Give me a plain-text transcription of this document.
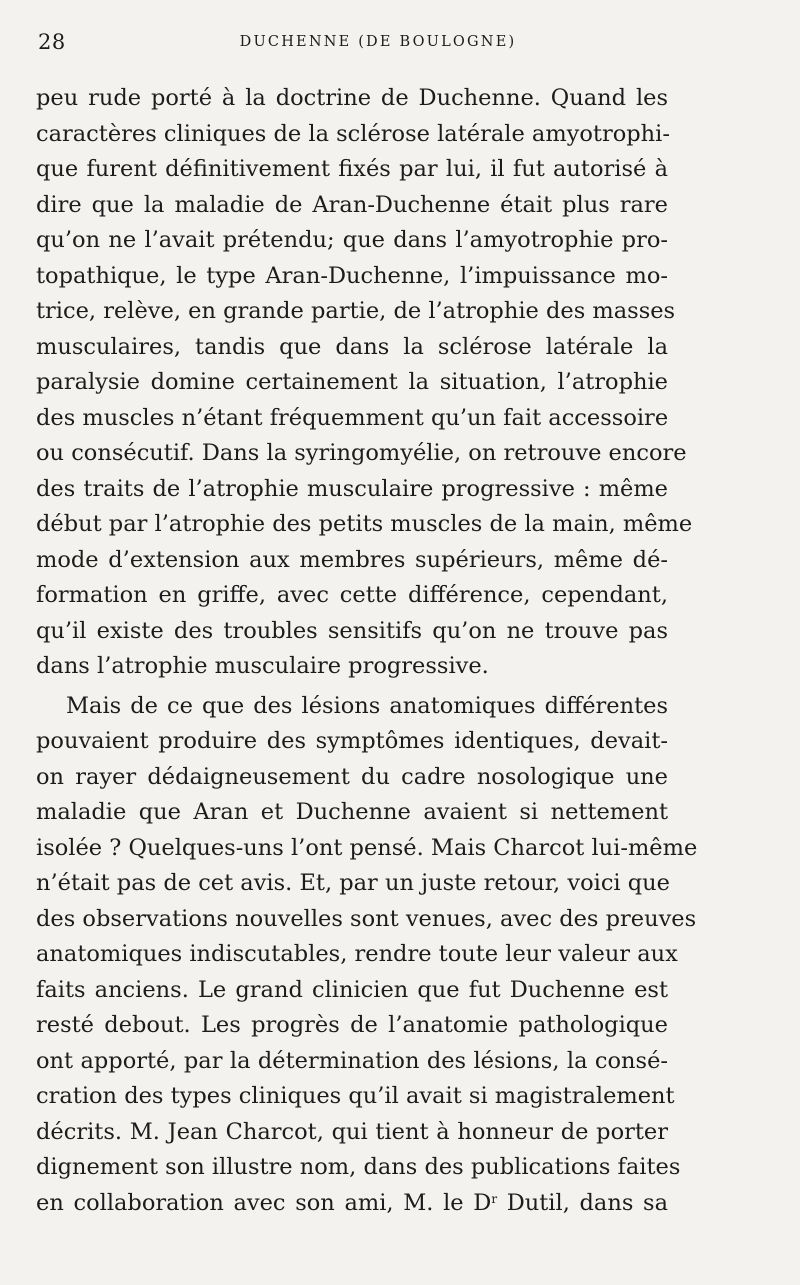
28	DUCHENNE (DE BOULOGNE)
peu rude porté à la doctrine de Duchenne. Quand les
caractères cliniques de la sclérose latérale amyotrophi-
que furent définitivement fixés par lui, il fut autorisé à
dire que la maladie de Aran-Duchenne était plus rare
qu’on ne l’avait prétendu; que dans l’amyotrophie pro-
topathique, le type Aran-Duchenne, l’impuissance mo-
trice, relève, en grande partie, de l’atrophie des masses
musculaires, tandis que dans la sclérose latérale la
paralysie domine certainement la situation, l’atrophie
des muscles n’étant fréquemment qu’un fait accessoire
ou consécutif. Dans la syringomyélie, on retrouve encore
des traits de l’atrophie musculaire progressive : même
début par l’atrophie des petits muscles de la main, même
mode d’extension aux membres supérieurs, même dé-
formation en griffe, avec cette différence, cependant,
qu’il existe des troubles sensitifs qu’on ne trouve pas
dans l’atrophie musculaire progressive.
Mais de ce que des lésions anatomiques différentes
pouvaient produire des symptômes identiques, devait-
on rayer dédaigneusement du cadre nosologique une
maladie que Aran et Duchenne avaient si nettement
isolée ? Quelques-uns l’ont pensé. Mais Charcot lui-même
n’était pas de cet avis. Et, par un juste retour, voici que
des observations nouvelles sont venues, avec des preuves
anatomiques indiscutables, rendre toute leur valeur aux
faits anciens. Le grand clinicien que fut Duchenne est
resté debout. Les progrès de l’anatomie pathologique
ont apporté, par la détermination des lésions, la consé-
cration des types cliniques qu’il avait si magistralement
décrits. M. Jean Charcot, qui tient à honneur de porter
dignement son illustre nom, dans des publications faites
en collaboration avec son ami, M. le $D^r$ Dutil, dans sa
